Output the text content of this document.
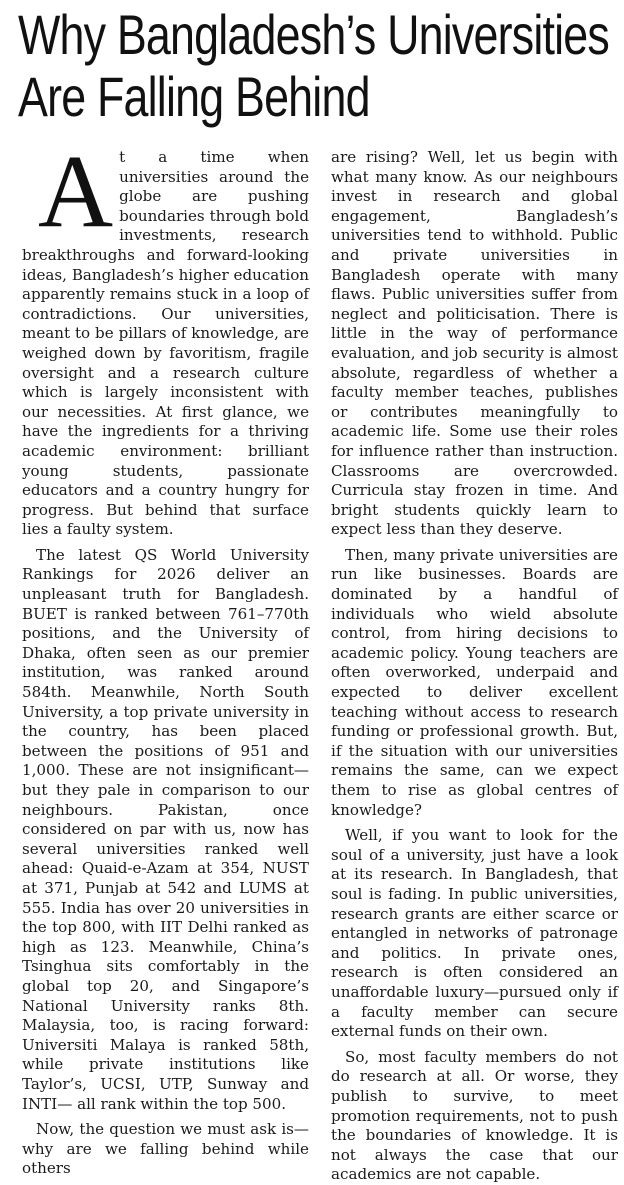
Why Bangladesh’s Universities
Are Falling Behind

At a time when universities around the globe are pushing boundaries through bold investments, research breakthroughs and forward-looking ideas, Bangladesh’s higher education apparently remains stuck in a loop of contradictions. Our universities, meant to be pillars of knowledge, are weighed down by favoritism, fragile oversight and a research culture which is largely inconsistent with our necessities. At first glance, we have the ingredients for a thriving academic environment: brilliant young students, passionate educators and a country hungry for progress. But behind that surface lies a faulty system.

The latest QS World University Rankings for 2026 deliver an unpleasant truth for Bangladesh. BUET is ranked between 761–770th positions, and the University of Dhaka, often seen as our premier institution, was ranked around 584th. Meanwhile, North South University, a top private university in the country, has been placed between the positions of 951 and 1,000. These are not insignificant—but they pale in comparison to our neighbours. Pakistan, once considered on par with us, now has several universities ranked well ahead: Quaid-e-Azam at 354, NUST at 371, Punjab at 542 and LUMS at 555. India has over 20 universities in the top 800, with IIT Delhi ranked as high as 123. Meanwhile, China’s Tsinghua sits comfortably in the global top 20, and Singapore’s National University ranks 8th. Malaysia, too, is racing forward: Universiti Malaya is ranked 58th, while private institutions like Taylor’s, UCSI, UTP, Sunway and INTI— all rank within the top 500.

Now, the question we must ask is—why are we falling behind while others

are rising? Well, let us begin with what many know. As our neighbours invest in research and global engagement, Bangladesh’s universities tend to withhold. Public and private universities in Bangladesh operate with many flaws. Public universities suffer from neglect and politicisation. There is little in the way of performance evaluation, and job security is almost absolute, regardless of whether a faculty member teaches, publishes or contributes meaningfully to academic life. Some use their roles for influence rather than instruction. Classrooms are overcrowded. Curricula stay frozen in time. And bright students quickly learn to expect less than they deserve.

Then, many private universities are run like businesses. Boards are dominated by a handful of individuals who wield absolute control, from hiring decisions to academic policy. Young teachers are often overworked, underpaid and expected to deliver excellent teaching without access to research funding or professional growth. But, if the situation with our universities remains the same, can we expect them to rise as global centres of knowledge?

Well, if you want to look for the soul of a university, just have a look at its research. In Bangladesh, that soul is fading. In public universities, research grants are either scarce or entangled in networks of patronage and politics. In private ones, research is often considered an unaffordable luxury—pursued only if a faculty member can secure external funds on their own.

So, most faculty members do not do research at all. Or worse, they publish to survive, to meet promotion requirements, not to push the boundaries of knowledge. It is not always the case that our academics are not capable.
